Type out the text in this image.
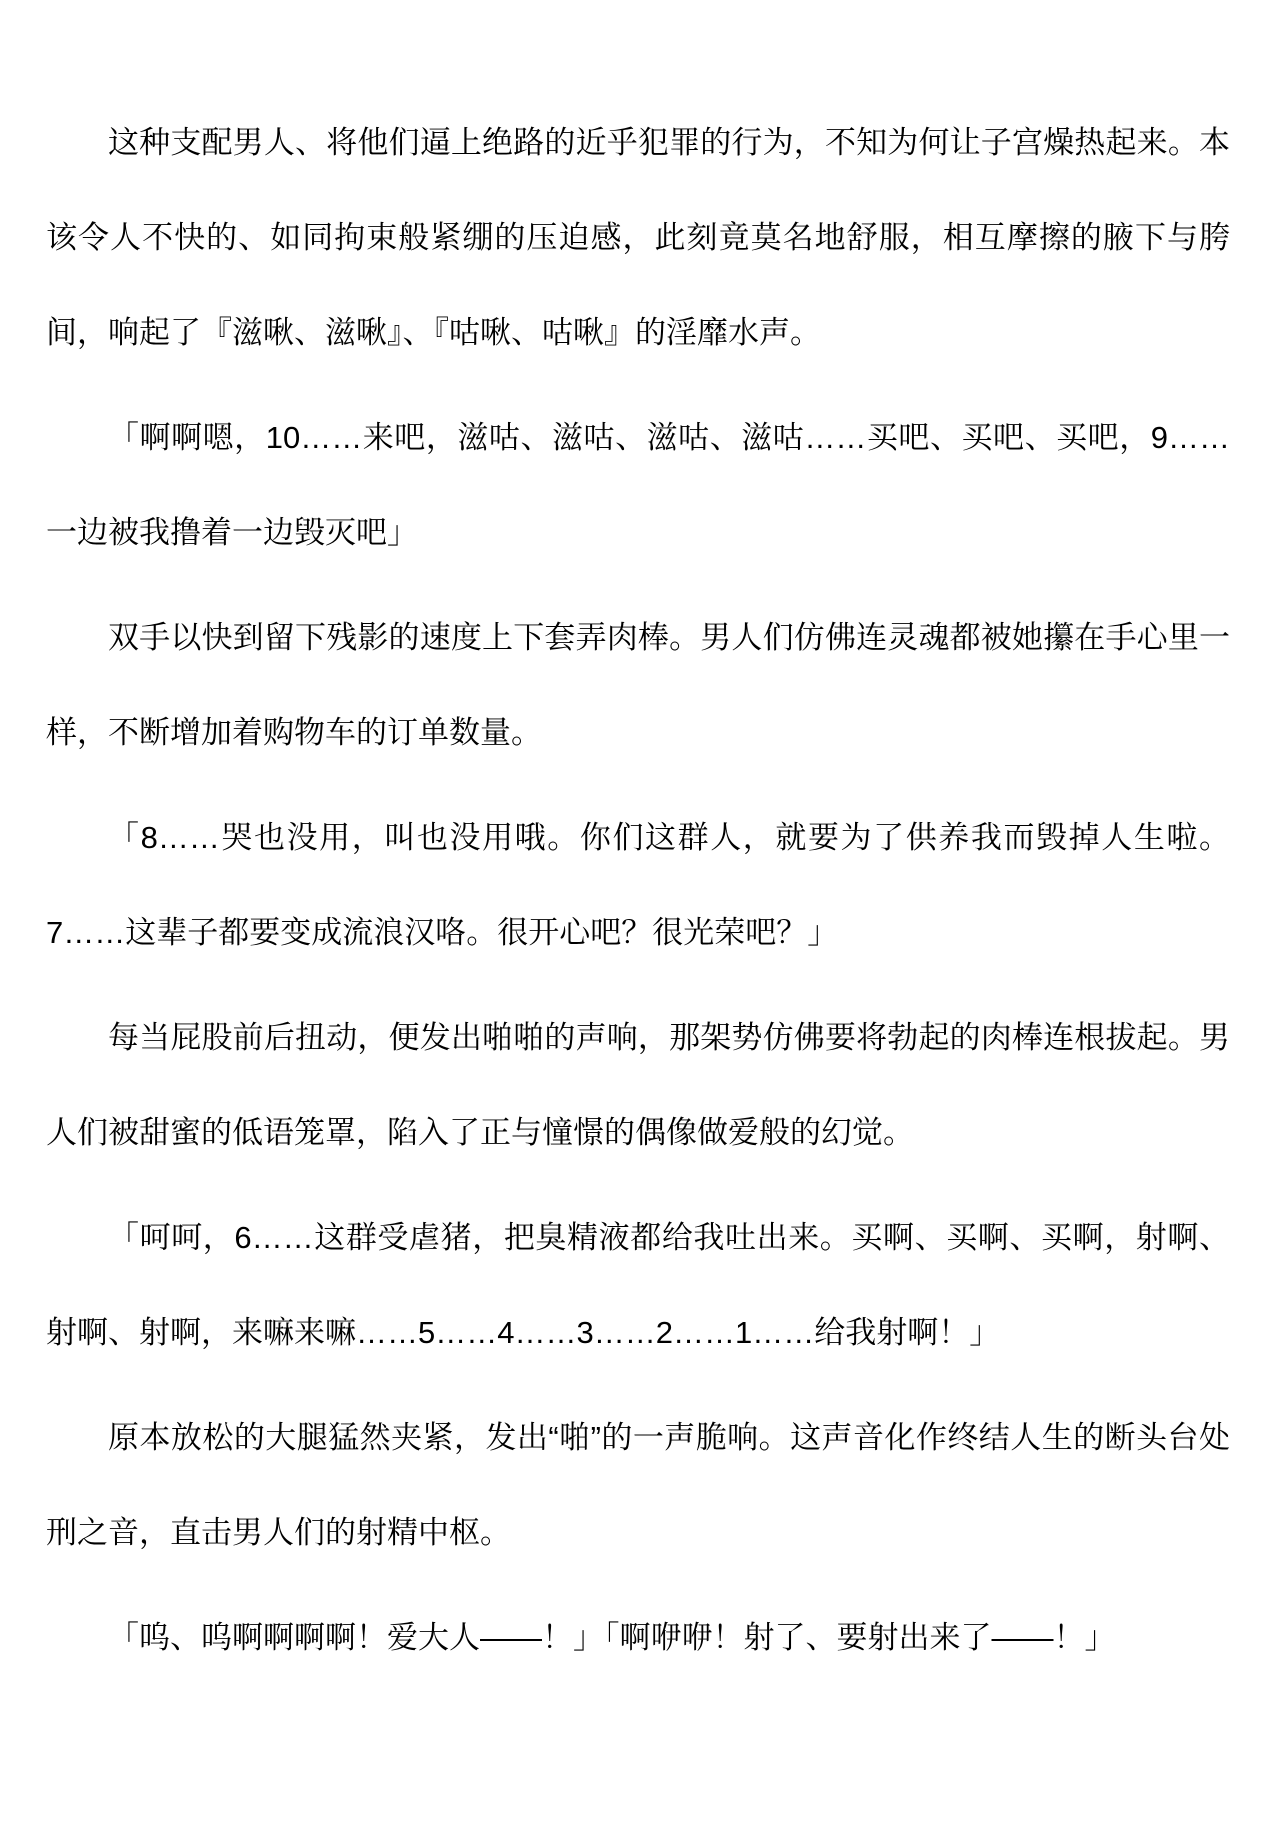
这种支配男人、将他们逼上绝路的近乎犯罪的行为，不知为何让子宫燥热起来。本该令人不快的、如同拘束般紧绷的压迫感，此刻竟莫名地舒服，相互摩擦的腋下与胯间，响起了『滋啾、滋啾』、『咕啾、咕啾』的淫靡水声。

「啊啊嗯，10……来吧，滋咕、滋咕、滋咕、滋咕……买吧、买吧、买吧，9……一边被我撸着一边毁灭吧」

双手以快到留下残影的速度上下套弄肉棒。男人们仿佛连灵魂都被她攥在手心里一样，不断增加着购物车的订单数量。

「8……哭也没用，叫也没用哦。你们这群人，就要为了供养我而毁掉人生啦。7……这辈子都要变成流浪汉咯。很开心吧？很光荣吧？」

每当屁股前后扭动，便发出啪啪的声响，那架势仿佛要将勃起的肉棒连根拔起。男人们被甜蜜的低语笼罩，陷入了正与憧憬的偶像做爱般的幻觉。

「呵呵，6……这群受虐猪，把臭精液都给我吐出来。买啊、买啊、买啊，射啊、射啊、射啊，来嘛来嘛……5……4……3……2……1……给我射啊！」

原本放松的大腿猛然夹紧，发出“啪”的一声脆响。这声音化作终结人生的断头台处刑之音，直击男人们的射精中枢。

「呜、呜啊啊啊啊！爱大人——！」「啊咿咿！射了、要射出来了——！」
